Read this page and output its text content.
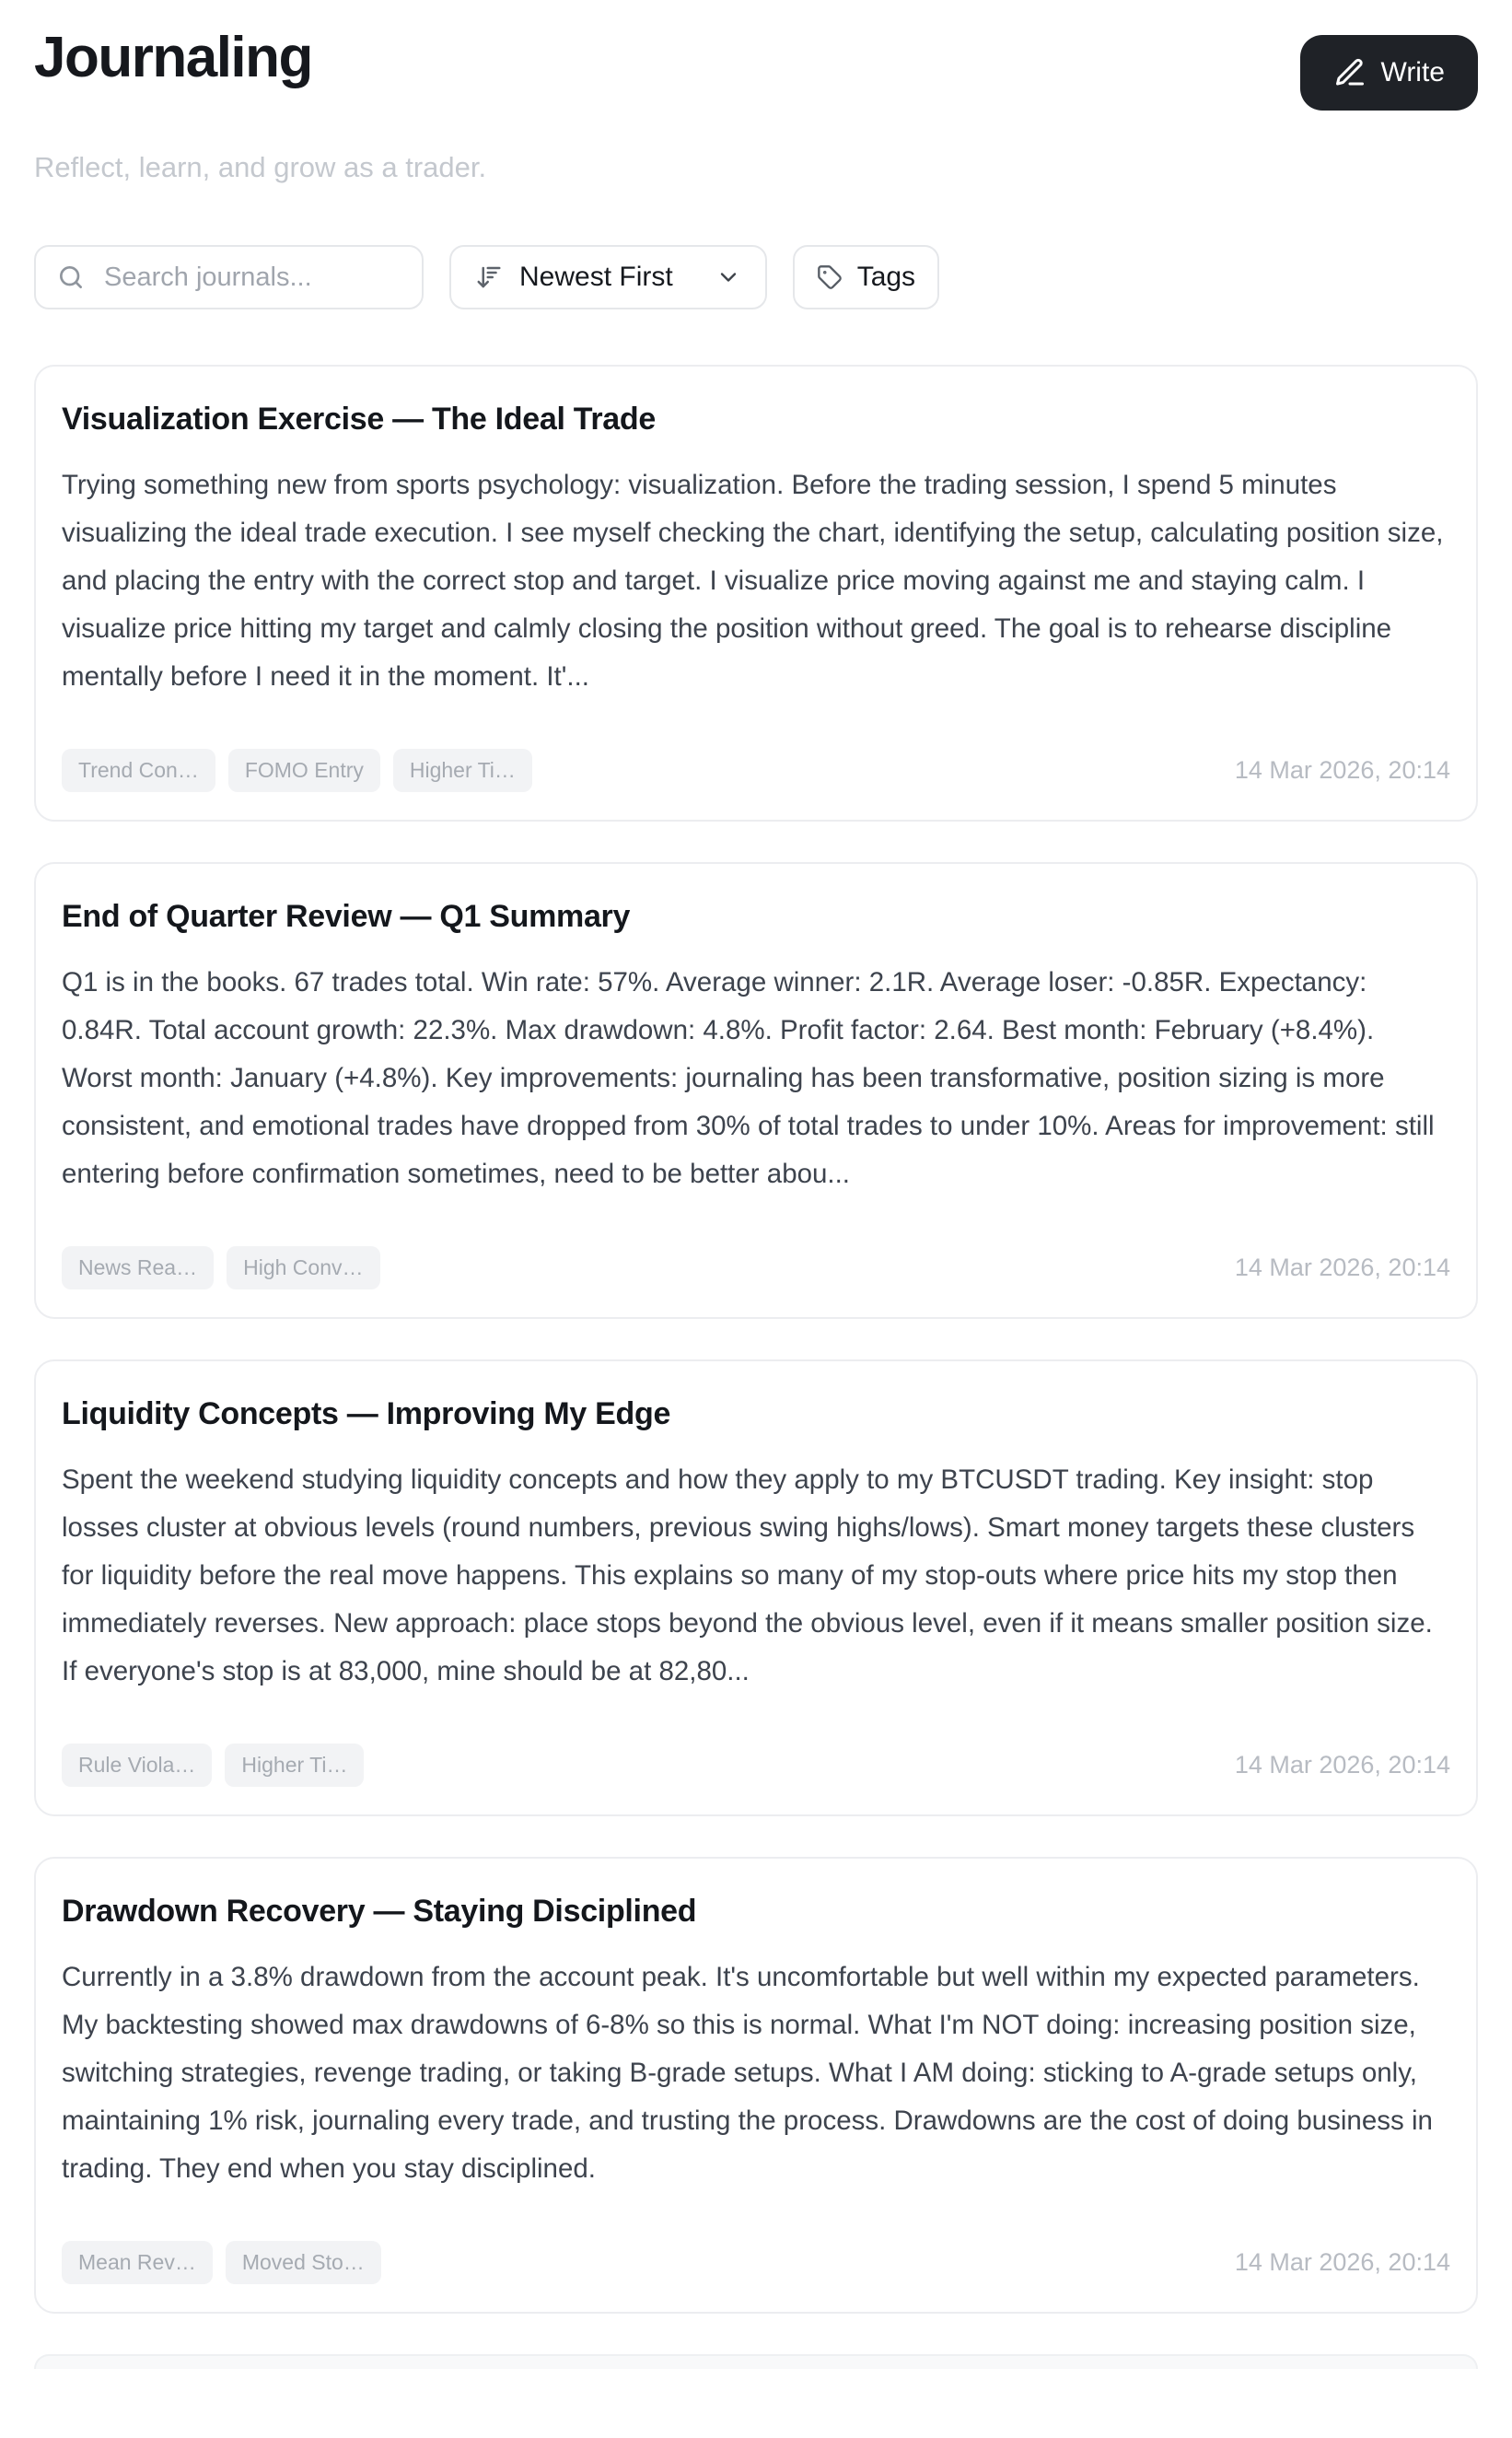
Journaling	Write

Reflect, learn, and grow as a trader.

Search journals...
Newest First	Tags
Visualization Exercise — The Ideal Trade

Trying something new from sports psychology: visualization. Before the trading session, I spend 5 minutes visualizing the ideal trade execution. I see myself checking the chart, identifying the setup, calculating position size, and placing the entry with the correct stop and target. I visualize price moving against me and staying calm. I visualize price hitting my target and calmly closing the position without greed. The goal is to rehearse discipline mentally before I need it in the moment. It'...

Trend Con…	FOMO Entry	Higher Ti…	14 Mar 2026, 20:14
End of Quarter Review — Q1 Summary

Q1 is in the books. 67 trades total. Win rate: 57%. Average winner: 2.1R. Average loser: -0.85R. Expectancy: 0.84R. Total account growth: 22.3%. Max drawdown: 4.8%. Profit factor: 2.64. Best month: February (+8.4%). Worst month: January (+4.8%). Key improvements: journaling has been transformative, position sizing is more consistent, and emotional trades have dropped from 30% of total trades to under 10%. Areas for improvement: still entering before confirmation sometimes, need to be better abou...

News Rea…	High Conv…	14 Mar 2026, 20:14
Liquidity Concepts — Improving My Edge

Spent the weekend studying liquidity concepts and how they apply to my BTCUSDT trading. Key insight: stop losses cluster at obvious levels (round numbers, previous swing highs/lows). Smart money targets these clusters for liquidity before the real move happens. This explains so many of my stop-outs where price hits my stop then immediately reverses. New approach: place stops beyond the obvious level, even if it means smaller position size. If everyone's stop is at 83,000, mine should be at 82,80...

Rule Viola…	Higher Ti…	14 Mar 2026, 20:14
Drawdown Recovery — Staying Disciplined

Currently in a 3.8% drawdown from the account peak. It's uncomfortable but well within my expected parameters. My backtesting showed max drawdowns of 6-8% so this is normal. What I'm NOT doing: increasing position size, switching strategies, revenge trading, or taking B-grade setups. What I AM doing: sticking to A-grade setups only, maintaining 1% risk, journaling every trade, and trusting the process. Drawdowns are the cost of doing business in trading. They end when you stay disciplined.

Mean Rev…	Moved Sto…	14 Mar 2026, 20:14
